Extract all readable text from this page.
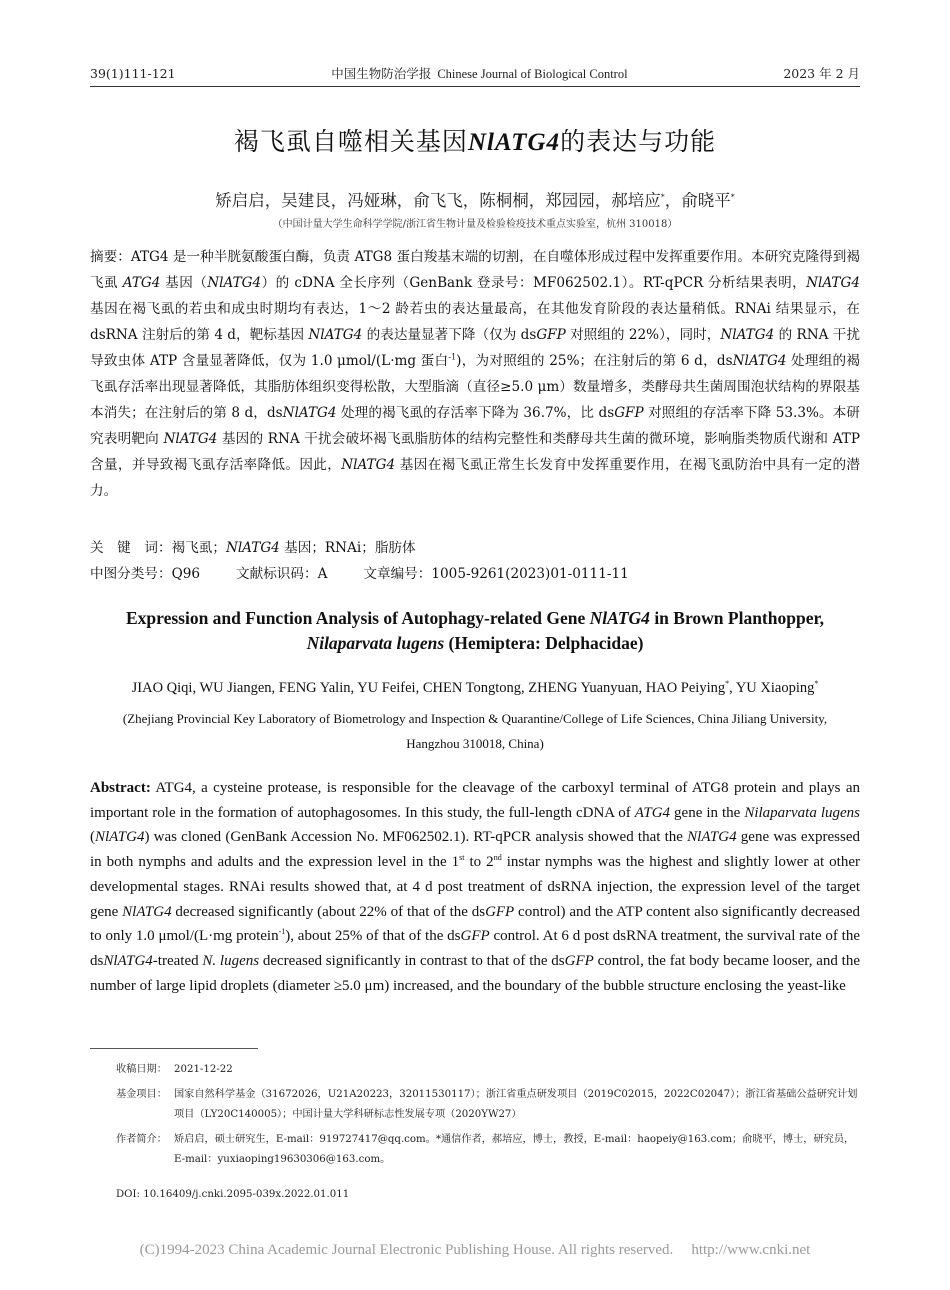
39(1)111-121	中国生物防治学报 Chinese Journal of Biological Control	2023 年 2 月
褐飞虱自噬相关基因NlATG4的表达与功能
矫启启，吴建艮，冯娅琳，俞飞飞，陈桐桐，郑园园，郝培应*，俞晓平*
（中国计量大学生命科学学院/浙江省生物计量及检验检疫技术重点实验室，杭州 310018）
摘要：ATG4 是一种半胱氨酸蛋白酶，负责 ATG8 蛋白羧基末端的切割，在自噬体形成过程中发挥重要作用。本研究克隆得到褐飞虱 ATG4 基因（NlATG4）的 cDNA 全长序列（GenBank 登录号：MF062502.1）。RT-qPCR 分析结果表明，NlATG4 基因在褐飞虱的若虫和成虫时期均有表达，1～2 龄若虫的表达量最高，在其他发育阶段的表达量稍低。RNAi 结果显示，在 dsRNA 注射后的第 4 d，靶标基因 NlATG4 的表达量显著下降（仅为 dsGFP 对照组的 22%），同时，NlATG4 的 RNA 干扰导致虫体 ATP 含量显著降低，仅为 1.0 μmol/(L·mg 蛋白$^{-1}$)，为对照组的 25%；在注射后的第 6 d，dsNlATG4 处理组的褐飞虱存活率出现显著降低，其脂肪体组织变得松散，大型脂滴（直径≥5.0 μm）数量增多，类酵母共生菌周围泡状结构的界限基本消失；在注射后的第 8 d，dsNlATG4 处理的褐飞虱的存活率下降为 36.7%，比 dsGFP 对照组的存活率下降 53.3%。本研究表明靶向 NlATG4 基因的 RNA 干扰会破坏褐飞虱脂肪体的结构完整性和类酵母共生菌的微环境，影响脂类物质代谢和 ATP 含量，并导致褐飞虱存活率降低。因此，NlATG4 基因在褐飞虱正常生长发育中发挥重要作用，在褐飞虱防治中具有一定的潜力。
关　键　词：褐飞虱；NlATG4 基因；RNAi；脂肪体
中图分类号：Q96	文献标识码：A	文章编号：1005-9261(2023)01-0111-11
Expression and Function Analysis of Autophagy-related Gene NlATG4 in Brown Planthopper,
Nilaparvata lugens (Hemiptera: Delphacidae)
JIAO Qiqi, WU Jiangen, FENG Yalin, YU Feifei, CHEN Tongtong, ZHENG Yuanyuan, HAO Peiying*, YU Xiaoping*
(Zhejiang Provincial Key Laboratory of Biometrology and Inspection & Quarantine/College of Life Sciences, China Jiliang University, Hangzhou 310018, China)
Abstract: ATG4, a cysteine protease, is responsible for the cleavage of the carboxyl terminal of ATG8 protein and plays an important role in the formation of autophagosomes. In this study, the full-length cDNA of ATG4 gene in the Nilaparvata lugens (NlATG4) was cloned (GenBank Accession No. MF062502.1). RT-qPCR analysis showed that the NlATG4 gene was expressed in both nymphs and adults and the expression level in the 1st to 2nd instar nymphs was the highest and slightly lower at other developmental stages. RNAi results showed that, at 4 d post treatment of dsRNA injection, the expression level of the target gene NlATG4 decreased significantly (about 22% of that of the dsGFP control) and the ATP content also significantly decreased to only 1.0 μmol/(L·mg protein$^{-1}$), about 25% of that of the dsGFP control. At 6 d post dsRNA treatment, the survival rate of the dsNlATG4-treated N. lugens decreased significantly in contrast to that of the dsGFP control, the fat body became looser, and the number of large lipid droplets (diameter ≥5.0 μm) increased, and the boundary of the bubble structure enclosing the yeast-like
收稿日期： 2021-12-22
基金项目： 国家自然科学基金（31672026，U21A20223，32011530117）；浙江省重点研发项目（2019C02015，2022C02047）；浙江省基础公益研究计划项目（LY20C140005）；中国计量大学科研标志性发展专项（2020YW27）
作者简介： 矫启启，硕士研究生，E-mail：919727417@qq.com。*通信作者，郝培应，博士，教授，E-mail：haopeiy@163.com；俞晓平，博士，研究员，E-mail：yuxiaoping19630306@163.com。
DOI: 10.16409/j.cnki.2095-039x.2022.01.011
(C)1994-2023 China Academic Journal Electronic Publishing House. All rights reserved. http://www.cnki.net
